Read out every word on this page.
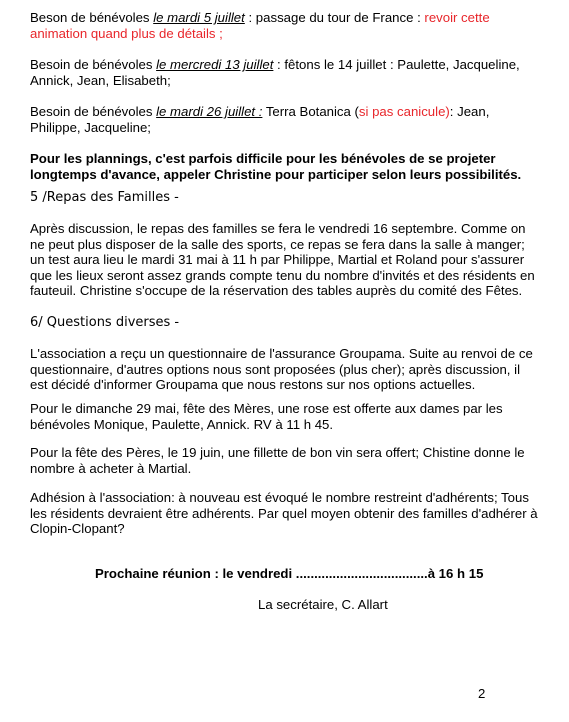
Beson de bénévoles le mardi 5 juillet : passage du tour de France : revoir cette animation quand plus de détails ;

Besoin de bénévoles le mercredi 13 juillet : fêtons le 14 juillet : Paulette, Jacqueline, Annick, Jean, Elisabeth;

Besoin de bénévoles le mardi 26 juillet : Terra Botanica (si pas canicule): Jean, Philippe, Jacqueline;

Pour les plannings, c'est parfois difficile pour les bénévoles de se projeter longtemps d'avance, appeler Christine pour participer selon leurs possibilités.

5 /Repas des Familles -

Après discussion, le repas des familles se fera le vendredi 16 septembre. Comme on ne peut plus disposer de la salle des sports, ce repas se fera dans la salle à manger; un test aura lieu le mardi 31 mai à 11 h par Philippe, Martial et Roland pour s'assurer que les lieux seront assez grands compte tenu du nombre d'invités et des résidents en fauteuil. Christine s'occupe de la réservation des tables auprès du comité des Fêtes.

6/ Questions diverses -

L'association a reçu un questionnaire de l'assurance Groupama. Suite au renvoi de ce questionnaire, d'autres options nous sont proposées (plus cher); après discussion, il est décidé d'informer Groupama que nous restons sur nos options actuelles.

Pour le dimanche 29 mai, fête des Mères, une rose est offerte aux dames par les bénévoles Monique, Paulette, Annick. RV à 11 h 45.

Pour la fête des Pères, le 19 juin, une fillette de bon vin sera offert; Chistine donne le nombre à acheter à Martial.

Adhésion à l'association: à nouveau est évoqué le nombre restreint d'adhérents; Tous les résidents devraient être adhérents. Par quel moyen obtenir des familles d'adhérer à Clopin-Clopant?

Prochaine réunion : le vendredi ....................................à 16 h 15

La secrétaire, C. Allart

2
